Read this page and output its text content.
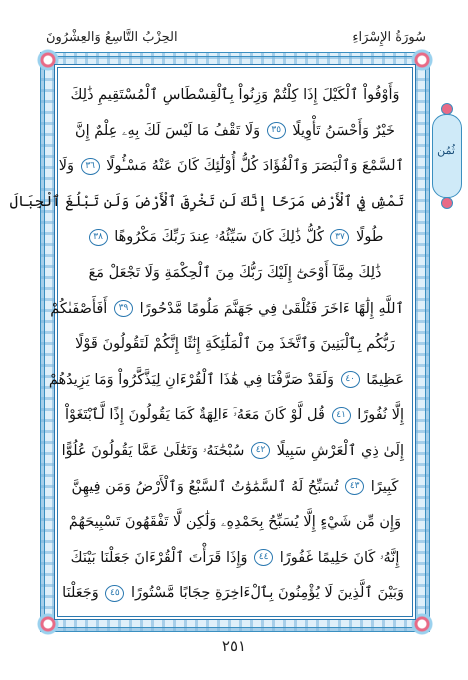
الحِزْبُ التَّاسِعُ وَالعِشْرُونَ	سُورَةُ الإِسْرَاءِ
وَأَوْفُواْ ٱلْكَيْلَ إِذَا كِلْتُمْ وَزِنُواْ بِٱلْقِسْطَاسِ ٱلْمُسْتَقِيمِ ذَٰلِكَ
خَيْرٌ وَأَحْسَنُ تَأْوِيلًا ٣٥ وَلَا تَقْفُ مَا لَيْسَ لَكَ بِهِۦ عِلْمٌ إِنَّ
ٱلسَّمْعَ وَٱلْبَصَرَ وَٱلْفُؤَادَ كُلُّ أُوْلَٰٓئِكَ كَانَ عَنْهُ مَسْـُٔولًا ٣٦ وَلَا
تَمْشِ فِي ٱلْأَرْضِ مَرَحًا إِنَّكَ لَن تَخْرِقَ ٱلْأَرْضَ وَلَن تَبْلُغَ ٱلْجِبَالَ
طُولًا ٣٧ كُلُّ ذَٰلِكَ كَانَ سَيِّئُهُۥ عِندَ رَبِّكَ مَكْرُوهًا ٣٨
ذَٰلِكَ مِمَّآ أَوْحَىٰٓ إِلَيْكَ رَبُّكَ مِنَ ٱلْحِكْمَةِ وَلَا تَجْعَلْ مَعَ
ٱللَّهِ إِلَٰهًا ءَاخَرَ فَتُلْقَىٰ فِي جَهَنَّمَ مَلُومًا مَّدْحُورًا ٣٩ أَفَأَصْفَىٰكُمْ
رَبُّكُم بِٱلْبَنِينَ وَٱتَّخَذَ مِنَ ٱلْمَلَٰٓئِكَةِ إِنَٰثًا إِنَّكُمْ لَتَقُولُونَ قَوْلًا
عَظِيمًا ٤٠ وَلَقَدْ صَرَّفْنَا فِي هَٰذَا ٱلْقُرْءَانِ لِيَذَّكَّرُواْ وَمَا يَزِيدُهُمْ
إِلَّا نُفُورًا ٤١ قُل لَّوْ كَانَ مَعَهُۥٓ ءَالِهَةٌ كَمَا يَقُولُونَ إِذًا لَّٱبْتَغَوْاْ
إِلَىٰ ذِي ٱلْعَرْشِ سَبِيلًا ٤٢ سُبْحَٰنَهُۥ وَتَعَٰلَىٰ عَمَّا يَقُولُونَ عُلُوًّا
كَبِيرًا ٤٣ تُسَبِّحُ لَهُ ٱلسَّمَٰوَٰتُ ٱلسَّبْعُ وَٱلْأَرْضُ وَمَن فِيهِنَّ
وَإِن مِّن شَيْءٍ إِلَّا يُسَبِّحُ بِحَمْدِهِۦ وَلَٰكِن لَّا تَفْقَهُونَ تَسْبِيحَهُمْ
إِنَّهُۥ كَانَ حَلِيمًا غَفُورًا ٤٤ وَإِذَا قَرَأْتَ ٱلْقُرْءَانَ جَعَلْنَا بَيْنَكَ
وَبَيْنَ ٱلَّذِينَ لَا يُؤْمِنُونَ بِٱلْءَاخِرَةِ حِجَابًا مَّسْتُورًا ٤٥ وَجَعَلْنَا
ثُمُن
٢٥١
